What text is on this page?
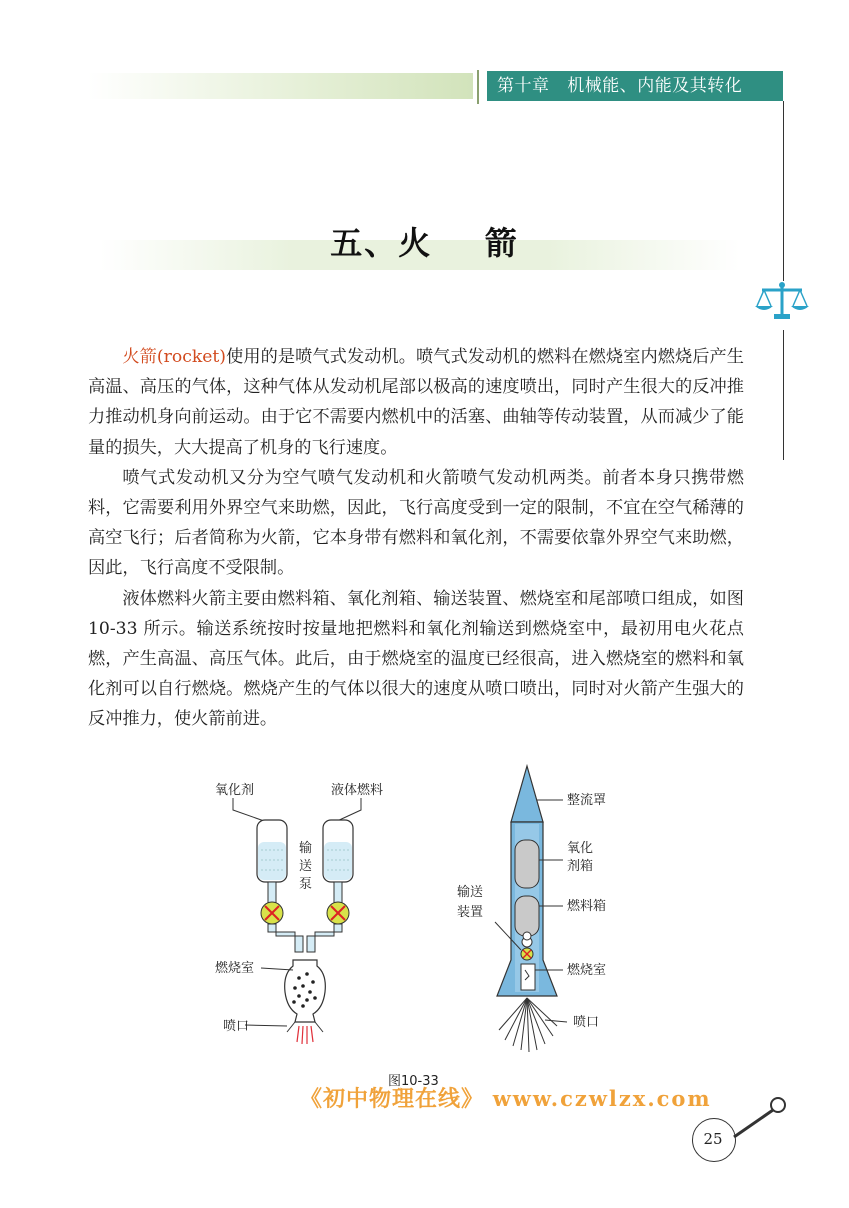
第十章   机械能、内能及其转化
五、火    箭

火箭(rocket)使用的是喷气式发动机。喷气式发动机的燃料在燃烧室内燃烧后产生高温、高压的气体，这种气体从发动机尾部以极高的速度喷出，同时产生很大的反冲推力推动机身向前运动。由于它不需要内燃机中的活塞、曲轴等传动装置，从而减少了能量的损失，大大提高了机身的飞行速度。

喷气式发动机又分为空气喷气发动机和火箭喷气发动机两类。前者本身只携带燃料，它需要利用外界空气来助燃，因此，飞行高度受到一定的限制，不宜在空气稀薄的高空飞行；后者简称为火箭，它本身带有燃料和氧化剂，不需要依靠外界空气来助燃，因此，飞行高度不受限制。

液体燃料火箭主要由燃料箱、氧化剂箱、输送装置、燃烧室和尾部喷口组成，如图 10-33 所示。输送系统按时按量地把燃料和氧化剂输送到燃烧室中，最初用电火花点燃，产生高温、高压气体。此后，由于燃烧室的温度已经很高，进入燃烧室的燃料和氧化剂可以自行燃烧。燃烧产生的气体以很大的速度从喷口喷出，同时对火箭产生强大的反冲推力，使火箭前进。

氧化剂	液体燃料
输
送
泵
燃烧室
喷口
整流罩
氧化
剂箱
燃料箱
输送
装置
燃烧室
喷口
图10-33
《初中物理在线》 www.czwlzx.com
25
